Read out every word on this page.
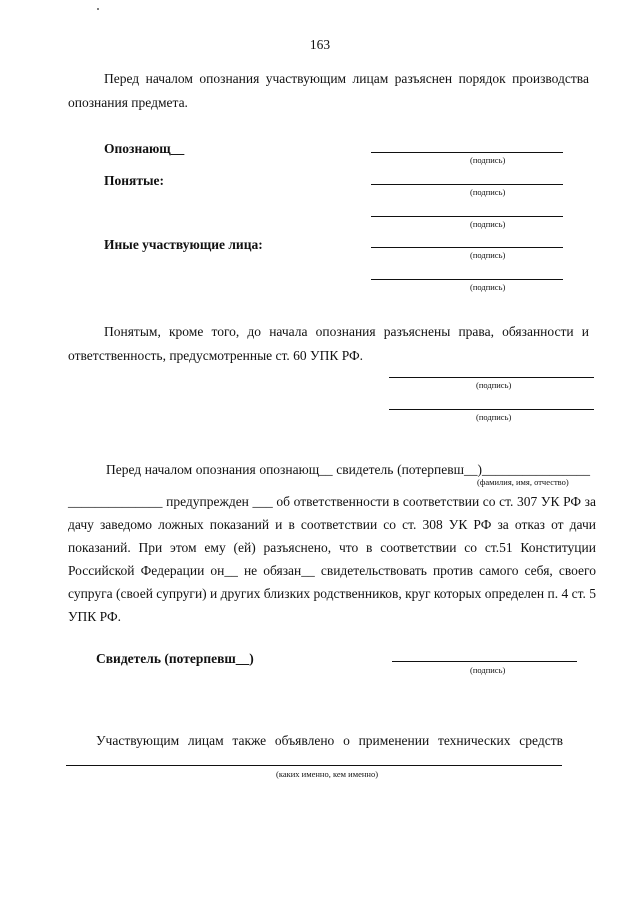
163
Перед началом опознания участвующим лицам разъяснен порядок производства
опознания предмета.
Опознающ__
(подпись)
Понятые:
(подпись)
(подпись)
Иные участвующие лица:
(подпись)
(подпись)
Понятым, кроме того, до начала опознания разъяснены права, обязанности и
ответственность, предусмотренные ст. 60 УПК РФ.
(подпись)
(подпись)
Перед началом опознания опознающ__ свидетель (потерпевш__)________________
(фамилия, имя, отчество)
______________ предупрежден ___ об ответственности в соответствии со ст. 307 УК РФ за
дачу заведомо ложных показаний и в соответствии со ст. 308 УК РФ за отказ от дачи
показаний. При этом ему (ей) разъяснено, что в соответствии со ст.51 Конституции
Российской Федерации он__ не обязан__ свидетельствовать против самого себя, своего
супруга (своей супруги) и других близких родственников, круг которых определен п. 4 ст. 5
УПК РФ.
Свидетель (потерпевш__)
(подпись)
Участвующим лицам также объявлено о применении технических средств
(каких именно, кем именно)
